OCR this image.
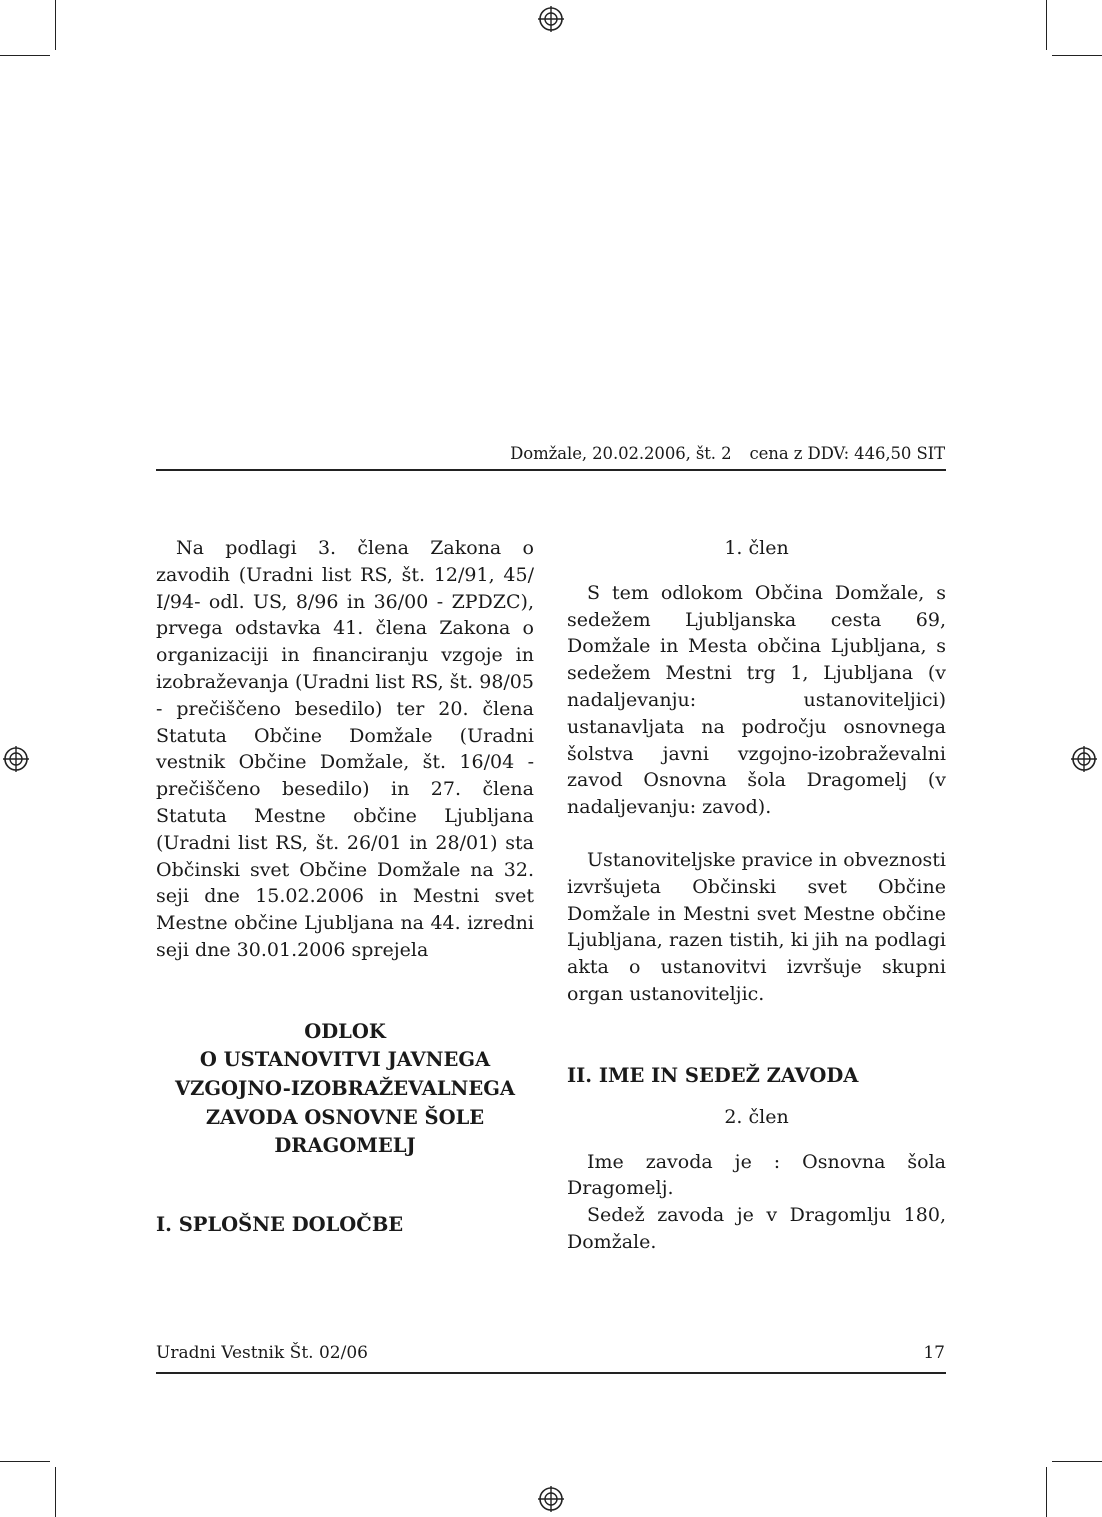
Domžale, 20.02.2006, št. 2 cena z DDV: 446,50 SIT

Na podlagi 3. člena Zakona o zavodih (Uradni list RS, št. 12/91, 45/ I/94- odl. US, 8/96 in 36/00 - ZPDZC), prvega odstavka 41. člena Zakona o organizaciji in financiranju vzgoje in izobraževanja (Uradni list RS, št. 98/05 - prečiščeno besedilo) ter 20. člena Statuta Občine Domžale (Uradni vestnik Občine Domžale, št. 16/04 - prečiščeno besedilo) in 27. člena Statuta Mestne občine Ljubljana (Uradni list RS, št. 26/01 in 28/01) sta Občinski svet Občine Domžale na 32. seji dne 15.02.2006 in Mestni svet Mestne občine Ljubljana na 44. izredni seji dne 30.01.2006 sprejela

ODLOK
O USTANOVITVI JAVNEGA
VZGOJNO-IZOBRAŽEVALNEGA
ZAVODA OSNOVNE ŠOLE
DRAGOMELJ

I. SPLOŠNE DOLOČBE

1. člen

S tem odlokom Občina Domžale, s sedežem Ljubljanska cesta 69, Domžale in Mesta občina Ljubljana, s sedežem Mestni trg 1, Ljubljana (v nadaljevanju: ustanoviteljici) ustanavljata na področju osnovnega šolstva javni vzgojno-izobraževalni zavod Osnovna šola Dragomelj (v nadaljevanju: zavod).

Ustanoviteljske pravice in obveznosti izvršujeta Občinski svet Občine Domžale in Mestni svet Mestne občine Ljubljana, razen tistih, ki jih na podlagi akta o ustanovitvi izvršuje skupni organ ustanoviteljic.

II. IME IN SEDEŽ ZAVODA

2. člen

Ime zavoda je : Osnovna šola Dragomelj.

Sedež zavoda je v Dragomlju 180, Domžale.

Uradni Vestnik Št. 02/06	17
